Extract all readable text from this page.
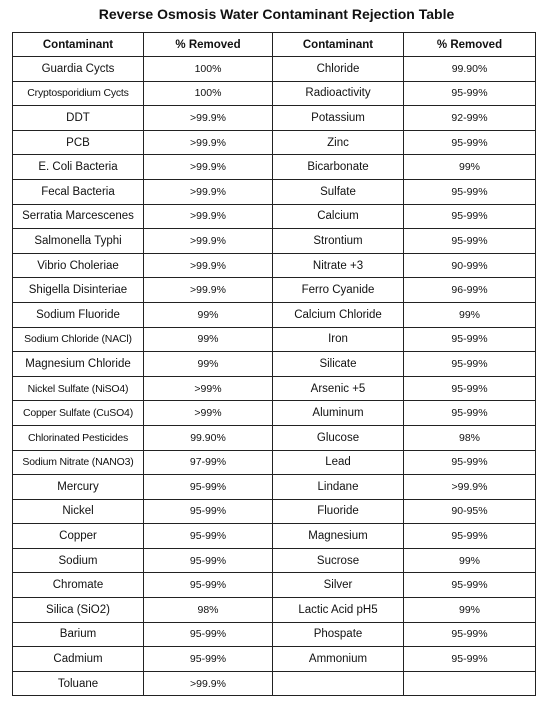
Reverse Osmosis Water Contaminant Rejection Table
Contaminant	% Removed	Contaminant	% Removed
Guardia Cycts	100%	Chloride	99.90%
Cryptosporidium Cycts	100%	Radioactivity	95-99%
DDT	>99.9%	Potassium	92-99%
PCB	>99.9%	Zinc	95-99%
E. Coli Bacteria	>99.9%	Bicarbonate	99%
Fecal Bacteria	>99.9%	Sulfate	95-99%
Serratia Marcescenes	>99.9%	Calcium	95-99%
Salmonella Typhi	>99.9%	Strontium	95-99%
Vibrio Choleriae	>99.9%	Nitrate +3	90-99%
Shigella Disinteriae	>99.9%	Ferro Cyanide	96-99%
Sodium Fluoride	99%	Calcium Chloride	99%
Sodium Chloride (NACl)	99%	Iron	95-99%
Magnesium Chloride	99%	Silicate	95-99%
Nickel Sulfate (NiSO4)	>99%	Arsenic +5	95-99%
Copper Sulfate (CuSO4)	>99%	Aluminum	95-99%
Chlorinated Pesticides	99.90%	Glucose	98%
Sodium Nitrate (NANO3)	97-99%	Lead	95-99%
Mercury	95-99%	Lindane	>99.9%
Nickel	95-99%	Fluoride	90-95%
Copper	95-99%	Magnesium	95-99%
Sodium	95-99%	Sucrose	99%
Chromate	95-99%	Silver	95-99%
Silica (SiO2)	98%	Lactic Acid pH5	99%
Barium	95-99%	Phospate	95-99%
Cadmium	95-99%	Ammonium	95-99%
Toluane	>99.9%		
